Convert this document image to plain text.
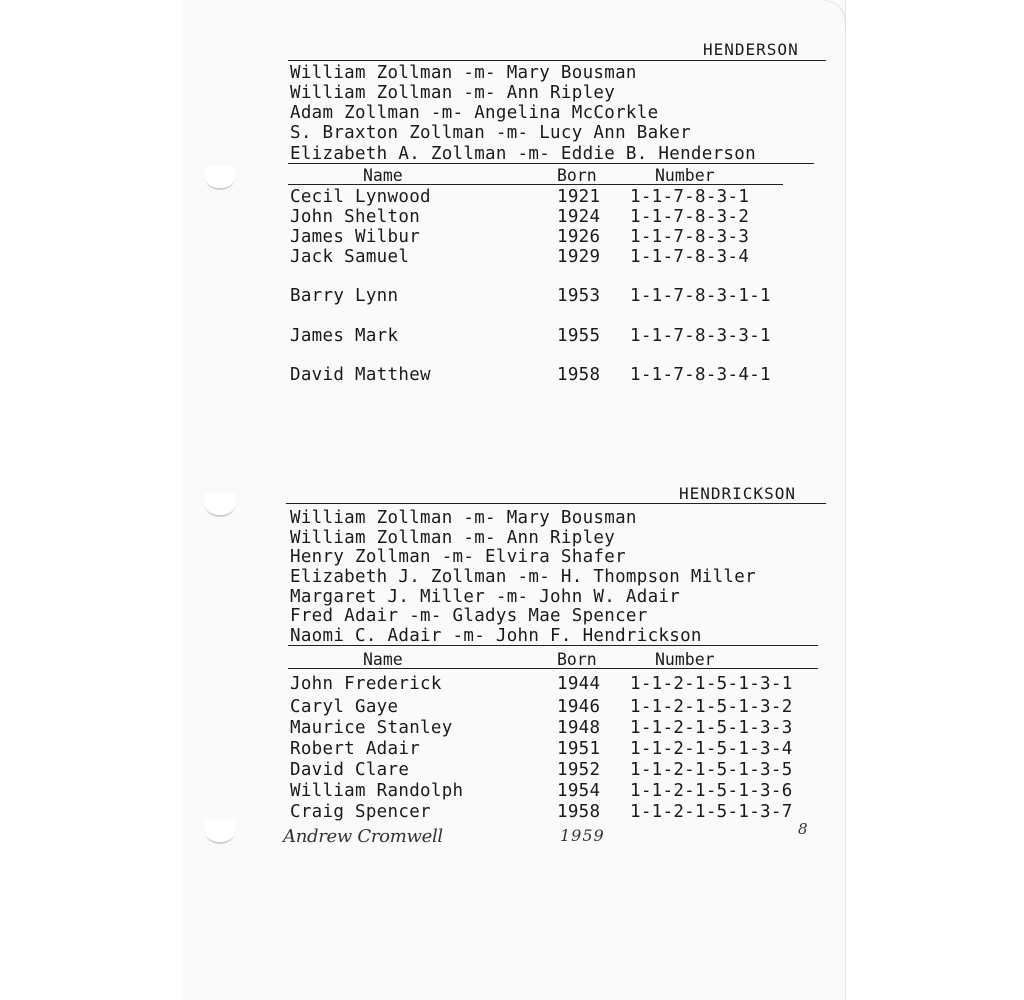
HENDERSON
William Zollman -m- Mary Bousman
William Zollman -m- Ann Ripley
Adam Zollman -m- Angelina McCorkle
S. Braxton Zollman -m- Lucy Ann Baker
Elizabeth A. Zollman -m- Eddie B. Henderson
Name	Born	Number
Cecil Lynwood	1921 1-1-7-8-3-1
John Shelton	1924 1-1-7-8-3-2
James Wilbur	1926 1-1-7-8-3-3
Jack Samuel	1929 1-1-7-8-3-4
Barry Lynn	1953 1-1-7-8-3-1-1
James Mark	1955 1-1-7-8-3-3-1
David Matthew	1958 1-1-7-8-3-4-1
HENDRICKSON
William Zollman -m- Mary Bousman
William Zollman -m- Ann Ripley
Henry Zollman -m- Elvira Shafer
Elizabeth J. Zollman -m- H. Thompson Miller
Margaret J. Miller -m- John W. Adair
Fred Adair -m- Gladys Mae Spencer
Naomi C. Adair -m- John F. Hendrickson
Name	Born	Number
John Frederick	1944 1-1-2-1-5-1-3-1
Caryl Gaye	1946 1-1-2-1-5-1-3-2
Maurice Stanley	1948 1-1-2-1-5-1-3-3
Robert Adair	1951 1-1-2-1-5-1-3-4
David Clare	1952 1-1-2-1-5-1-3-5
William Randolph	1954 1-1-2-1-5-1-3-6
Craig Spencer	1958 1-1-2-1-5-1-3-7
Andrew Cromwell	1959	8
